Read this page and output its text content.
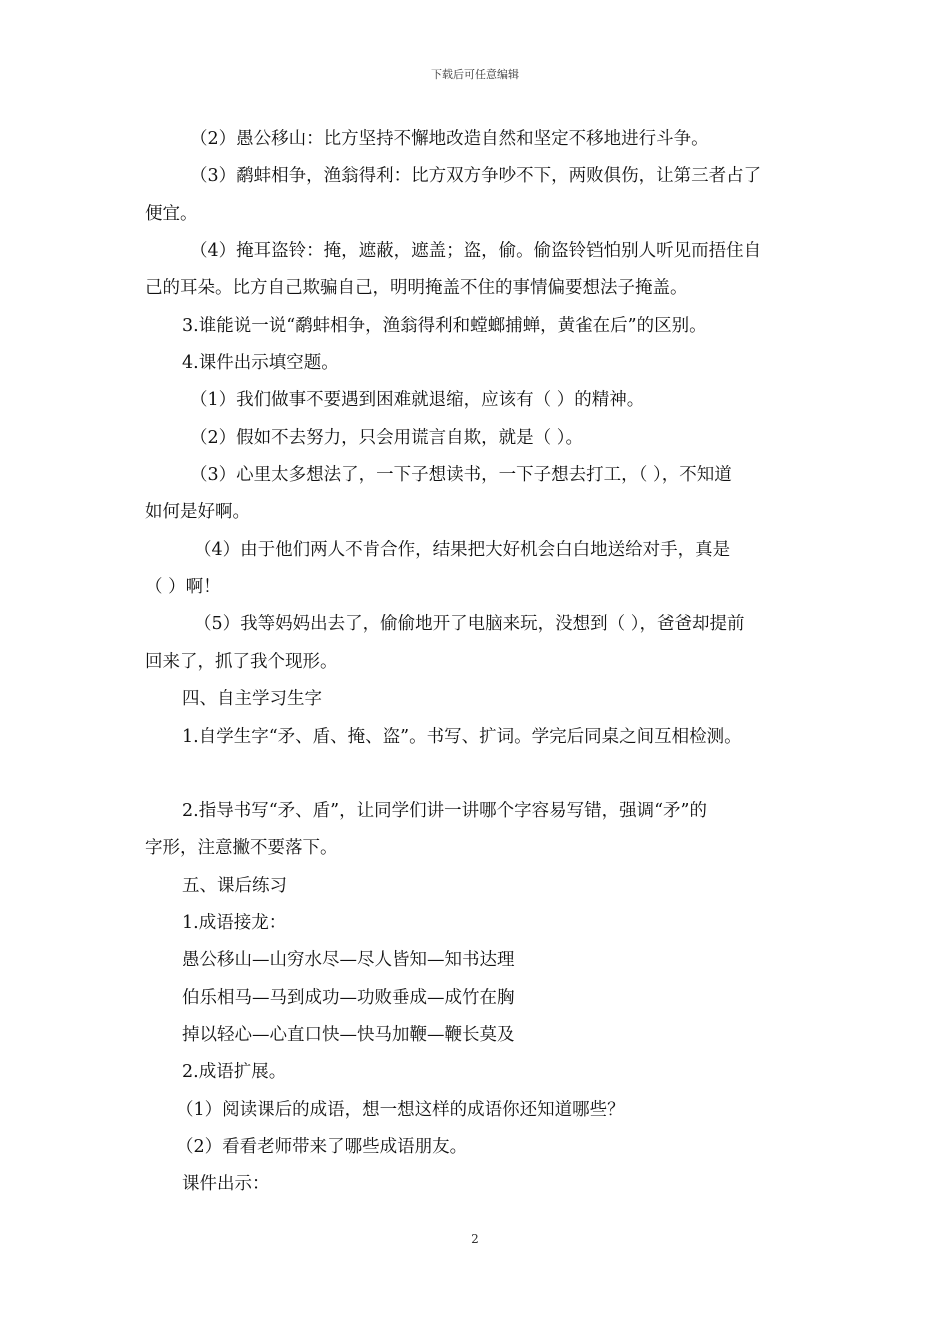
下载后可任意编辑
（2）愚公移山：比方坚持不懈地改造自然和坚定不移地进行斗争。
（3）鹬蚌相争，渔翁得利：比方双方争吵不下，两败俱伤，让第三者占了
便宜。
（4）掩耳盗铃：掩，遮蔽，遮盖；盗，偷。偷盗铃铛怕别人听见而捂住自
己的耳朵。比方自己欺骗自己，明明掩盖不住的事情偏要想法子掩盖。
3.谁能说一说“鹬蚌相争，渔翁得利和螳螂捕蝉，黄雀在后”的区别。
4.课件出示填空题。
（1）我们做事不要遇到困难就退缩，应该有（ ）的精神。
（2）假如不去努力，只会用谎言自欺，就是（ ）。
（3）心里太多想法了，一下子想读书，一下子想去打工，（ ），不知道
如何是好啊。
（4）由于他们两人不肯合作，结果把大好机会白白地送给对手，真是
（ ）啊！
（5）我等妈妈出去了，偷偷地开了电脑来玩，没想到（ ），爸爸却提前
回来了，抓了我个现形。
四、自主学习生字
1.自学生字“矛、盾、掩、盗”。书写、扩词。学完后同桌之间互相检测。
2.指导书写“矛、盾”，让同学们讲一讲哪个字容易写错，强调“矛”的
字形，注意撇不要落下。
五、课后练习
1.成语接龙：
愚公移山—山穷水尽—尽人皆知—知书达理
伯乐相马—马到成功—功败垂成—成竹在胸
掉以轻心—心直口快—快马加鞭—鞭长莫及
2.成语扩展。
（1）阅读课后的成语，想一想这样的成语你还知道哪些？
（2）看看老师带来了哪些成语朋友。
课件出示：
2
